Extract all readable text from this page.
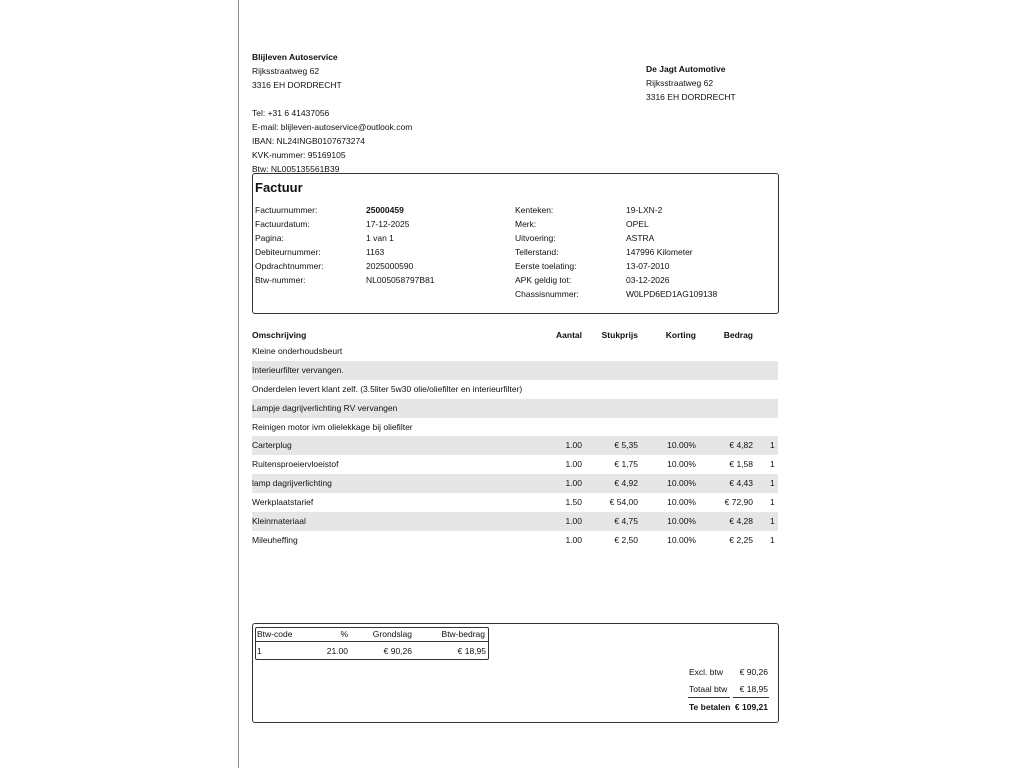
Blijleven Autoservice
Rijksstraatweg 62
3316 EH DORDRECHT
Tel: +31 6 41437056
E-mail: blijleven-autoservice@outlook.com
IBAN: NL24INGB0107673274
KVK-nummer: 95169105
Btw: NL005135561B39
De Jagt Automotive
Rijksstraatweg 62
3316 EH DORDRECHT
Factuur
Factuurnummer:	25000459
Factuurdatum:	17-12-2025
Pagina:	1 van 1
Debiteurnummer:	1163
Opdrachtnummer:	2025000590
Btw-nummer:	NL005058797B81
Kenteken:	19-LXN-2
Merk:	OPEL
Uitvoering:	ASTRA
Tellerstand:	147996 Kilometer
Eerste toelating:	13-07-2010
APK geldig tot:	03-12-2026
Chassisnummer:	W0LPD6ED1AG109138
Omschrijving	Aantal	Stukprijs	Korting	Bedrag
Kleine onderhoudsbeurt
Interieurfilter vervangen.
Onderdelen levert klant zelf. (3.5liter 5w30 olie/oliefilter en interieurfilter)
Lampje dagrijverlichting RV vervangen
Reinigen motor ivm olielekkage bij oliefilter
Carterplug	1.00	€ 5,35	10.00%	€ 4,82 1
Ruitensproeiervloeistof	1.00	€ 1,75	10.00%	€ 1,58 1
lamp dagrijverlichting	1.00	€ 4,92	10.00%	€ 4,43 1
Werkplaatstarief	1.50	€ 54,00	10.00%	€ 72,90 1
Kleinmateriaal	1.00	€ 4,75	10.00%	€ 4,28 1
Mileuheffing	1.00	€ 2,50	10.00%	€ 2,25 1
Btw-code	%	Grondslag	Btw-bedrag
1	21.00	€ 90,26	€ 18,95
Excl. btw	€ 90,26
Totaal btw	€ 18,95
Te betalen € 109,21
